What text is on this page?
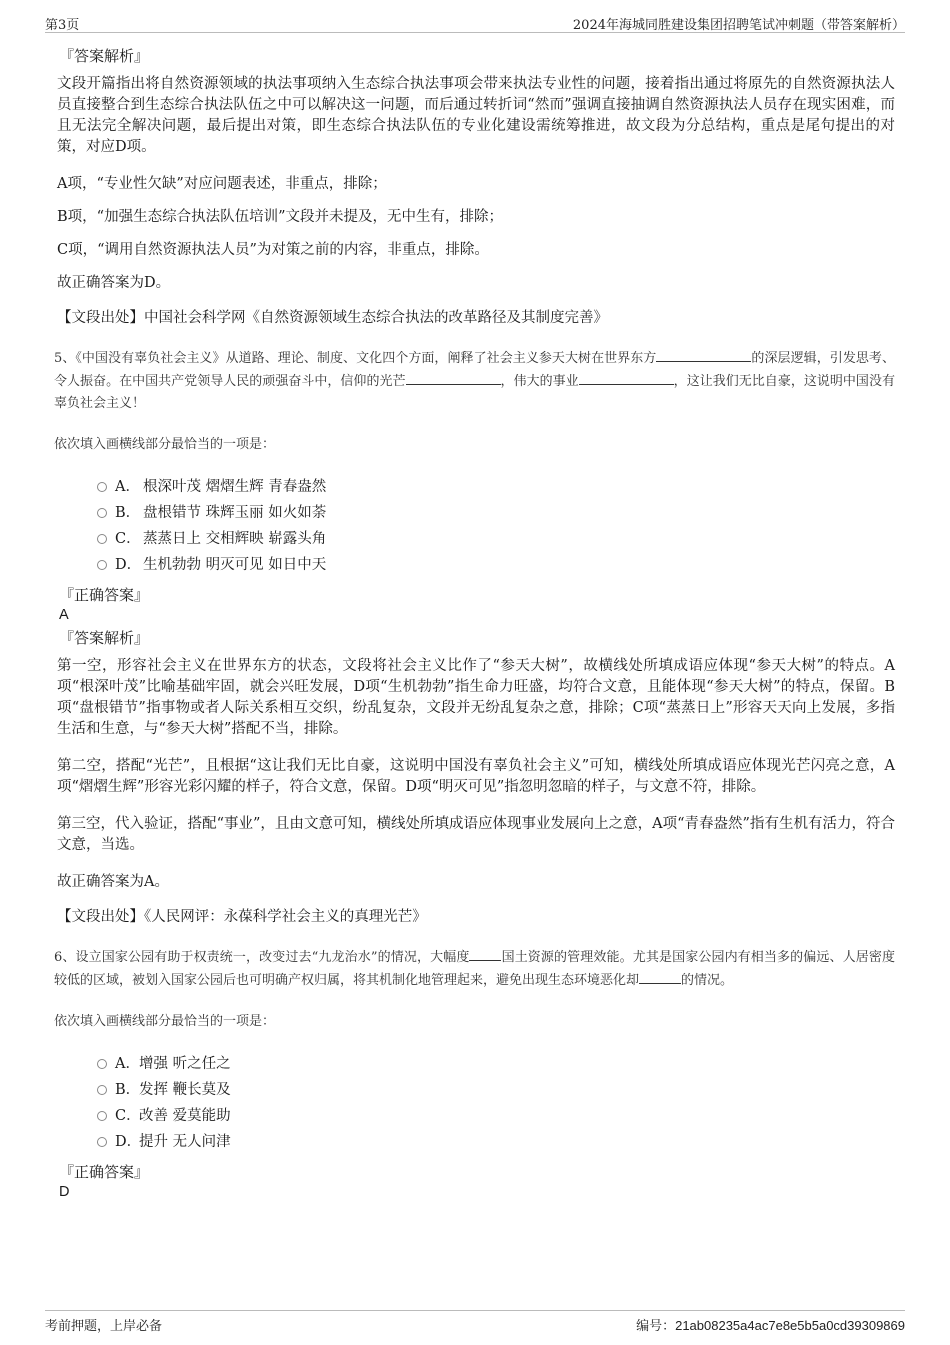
第3页	2024年海城同胜建设集团招聘笔试冲刺题（带答案解析）
『答案解析』

文段开篇指出将自然资源领域的执法事项纳入生态综合执法事项会带来执法专业性的问题，接着指出通过将原先的自然资源执法人员直接整合到生态综合执法队伍之中可以解决这一问题，而后通过转折词“然而”强调直接抽调自然资源执法人员存在现实困难，而且无法完全解决问题，最后提出对策，即生态综合执法队伍的专业化建设需统筹推进，故文段为分总结构，重点是尾句提出的对策，对应D项。

A项，“专业性欠缺”对应问题表述，非重点，排除；

B项，“加强生态综合执法队伍培训”文段并未提及，无中生有，排除；

C项，“调用自然资源执法人员”为对策之前的内容，非重点，排除。

故正确答案为D。

【文段出处】中国社会科学网《自然资源领域生态综合执法的改革路径及其制度完善》

5、《中国没有辜负社会主义》从道路、理论、制度、文化四个方面，阐释了社会主义参天大树在世界东方	的深层逻辑，引发思考、令人振奋。在中国共产党领导人民的顽强奋斗中，信仰的光芒	，伟大的事业	，这让我们无比自豪，这说明中国没有辜负社会主义！

依次填入画横线部分最恰当的一项是：

A． 根深叶茂 熠熠生辉 青春盎然
B． 盘根错节 珠辉玉丽 如火如荼
C． 蒸蒸日上 交相辉映 崭露头角
D． 生机勃勃 明灭可见 如日中天
『正确答案』
A
『答案解析』

第一空，形容社会主义在世界东方的状态，文段将社会主义比作了“参天大树”，故横线处所填成语应体现“参天大树”的特点。A项“根深叶茂”比喻基础牢固，就会兴旺发展，D项“生机勃勃”指生命力旺盛，均符合文意，且能体现“参天大树”的特点，保留。B项“盘根错节”指事物或者人际关系相互交织，纷乱复杂，文段并无纷乱复杂之意，排除；C项“蒸蒸日上”形容天天向上发展，多指生活和生意，与“参天大树”搭配不当，排除。

第二空，搭配“光芒”，且根据“这让我们无比自豪，这说明中国没有辜负社会主义”可知，横线处所填成语应体现光芒闪亮之意，A项“熠熠生辉”形容光彩闪耀的样子，符合文意，保留。D项“明灭可见”指忽明忽暗的样子，与文意不符，排除。

第三空，代入验证，搭配“事业”，且由文意可知，横线处所填成语应体现事业发展向上之意，A项“青春盎然”指有生机有活力，符合文意，当选。

故正确答案为A。

【文段出处】《人民网评：永葆科学社会主义的真理光芒》

6、设立国家公园有助于权责统一，改变过去“九龙治水”的情况，大幅度 国土资源的管理效能。尤其是国家公园内有相当多的偏远、人居密度较低的区域，被划入国家公园后也可明确产权归属，将其机制化地管理起来，避免出现生态环境恶化却	的情况。

依次填入画横线部分最恰当的一项是：

A． 增强 听之任之
B．
发挥 鞭长莫及
C．
改善 爱莫能助
D．
提升 无人问津
『正确答案』
D
考前押题，上岸必备	编号：21ab08235a4ac7e8e5b5a0cd39309869
